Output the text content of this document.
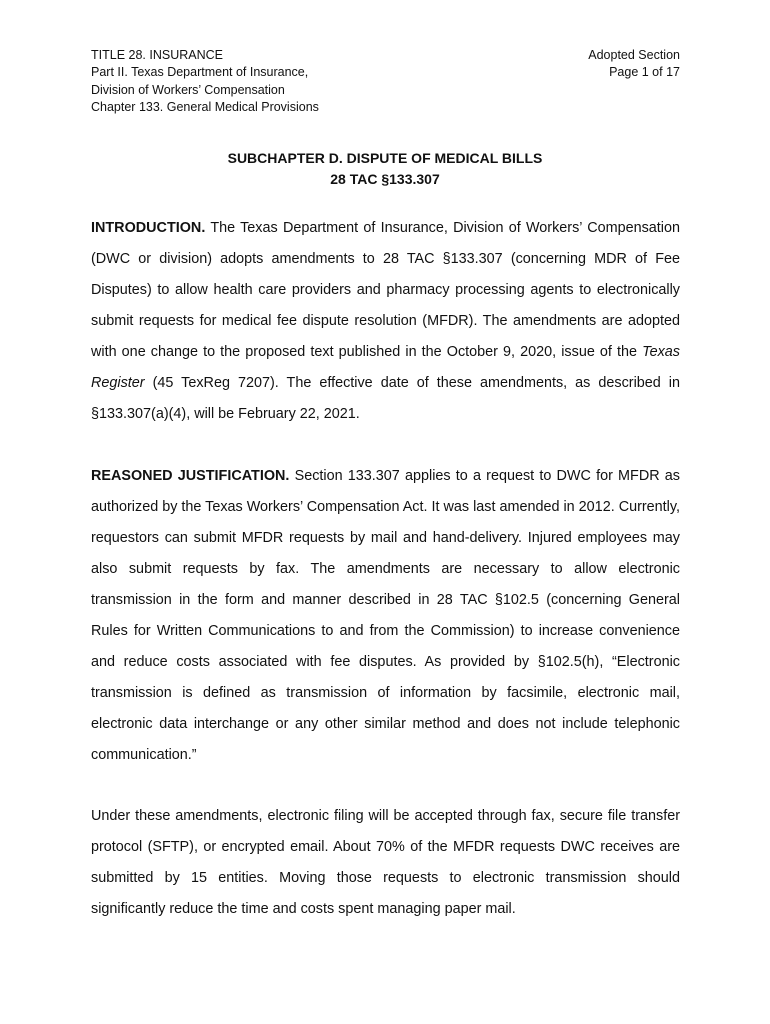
TITLE 28. INSURANCE
Part II. Texas Department of Insurance,
Division of Workers’ Compensation
Chapter 133. General Medical Provisions
Adopted Section
Page 1 of 17
SUBCHAPTER D. DISPUTE OF MEDICAL BILLS
28 TAC §133.307

INTRODUCTION. The Texas Department of Insurance, Division of Workers’ Compensation (DWC or division) adopts amendments to 28 TAC §133.307 (concerning MDR of Fee Disputes) to allow health care providers and pharmacy processing agents to electronically submit requests for medical fee dispute resolution (MFDR). The amendments are adopted with one change to the proposed text published in the October 9, 2020, issue of the Texas Register (45 TexReg 7207). The effective date of these amendments, as described in §133.307(a)(4), will be February 22, 2021.

REASONED JUSTIFICATION. Section 133.307 applies to a request to DWC for MFDR as authorized by the Texas Workers’ Compensation Act. It was last amended in 2012. Currently, requestors can submit MFDR requests by mail and hand-delivery. Injured employees may also submit requests by fax. The amendments are necessary to allow electronic transmission in the form and manner described in 28 TAC §102.5 (concerning General Rules for Written Communications to and from the Commission) to increase convenience and reduce costs associated with fee disputes. As provided by §102.5(h), “Electronic transmission is defined as transmission of information by facsimile, electronic mail, electronic data interchange or any other similar method and does not include telephonic communication.”

Under these amendments, electronic filing will be accepted through fax, secure file transfer protocol (SFTP), or encrypted email. About 70% of the MFDR requests DWC receives are submitted by 15 entities. Moving those requests to electronic transmission should significantly reduce the time and costs spent managing paper mail.
